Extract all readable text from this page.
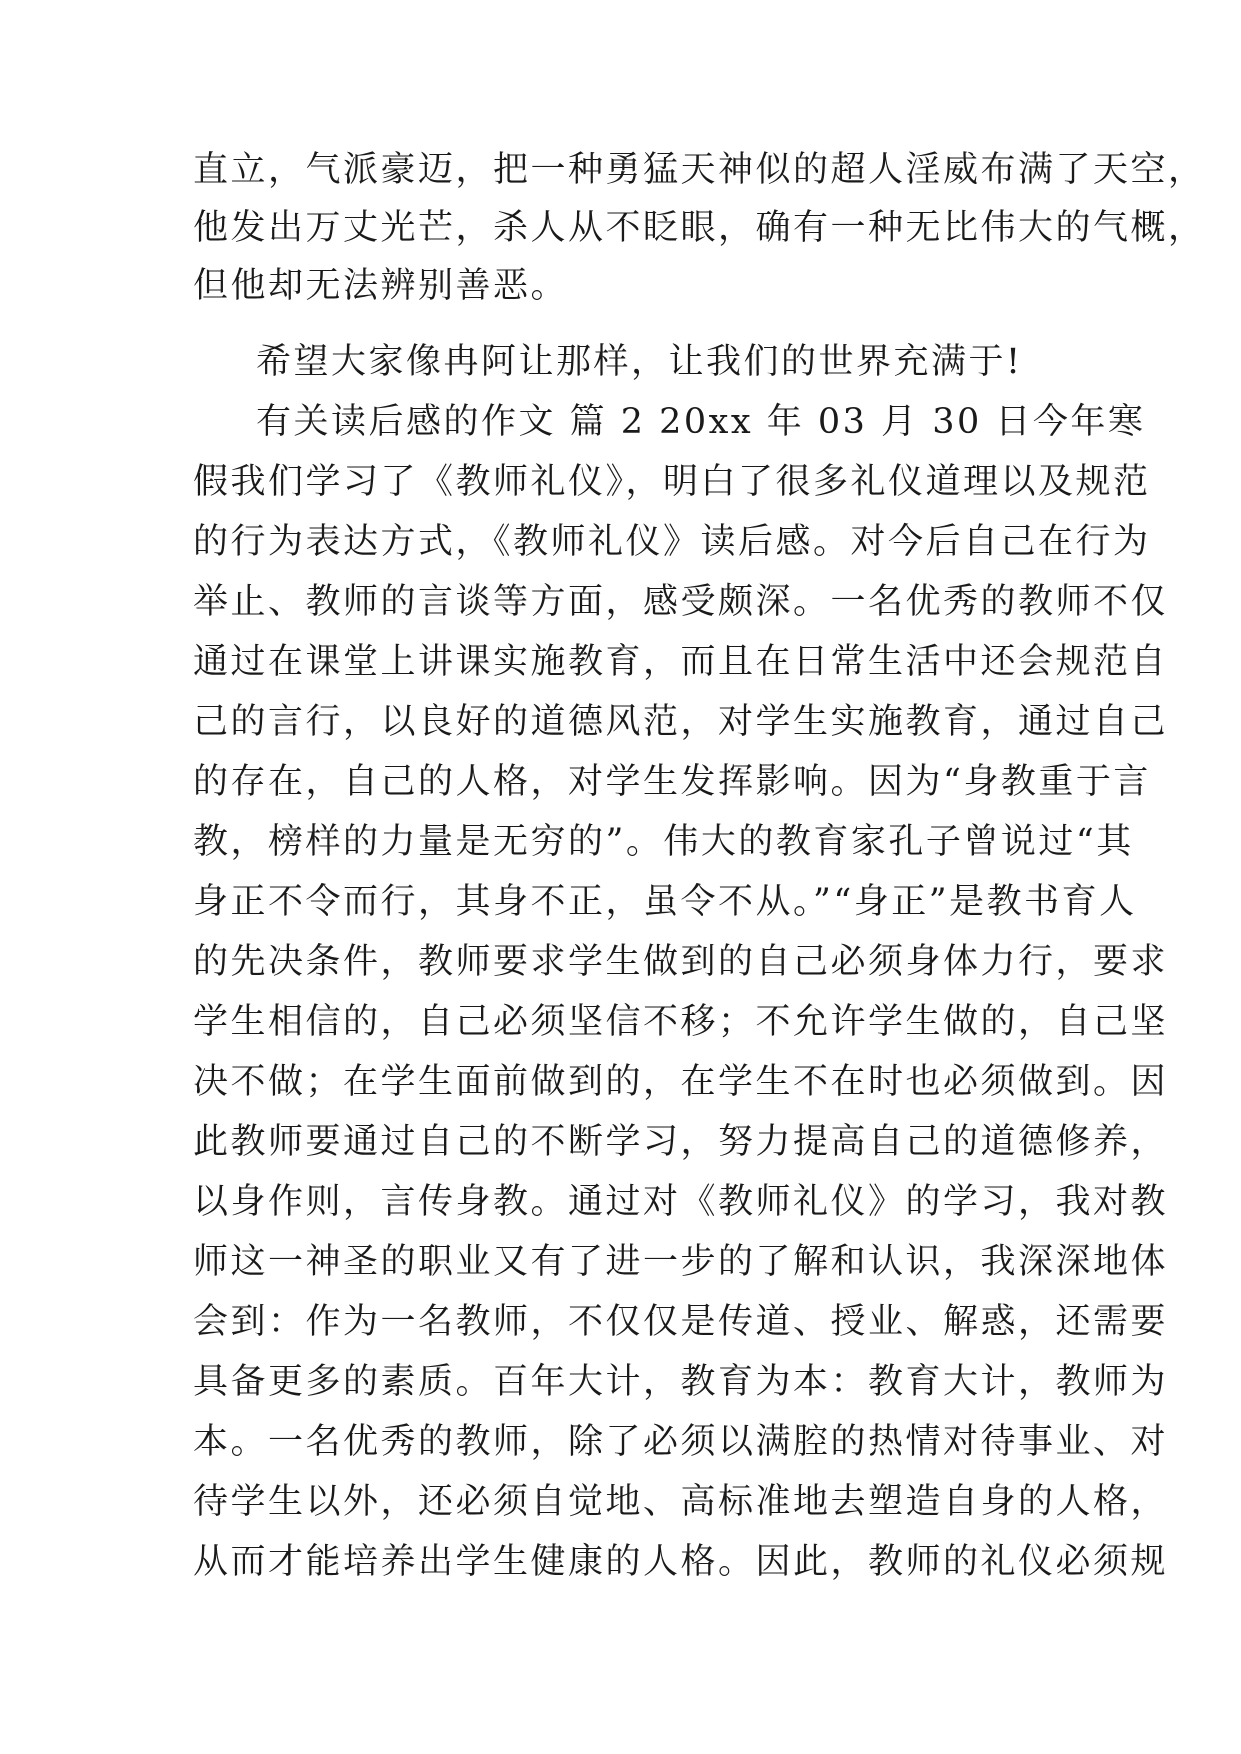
直立，气派豪迈，把一种勇猛天神似的超人淫威布满了天空，
他发出万丈光芒，杀人从不眨眼，确有一种无比伟大的气概，
但他却无法辨别善恶。
希望大家像冉阿让那样，让我们的世界充满于!
有关读后感的作文 篇 2 20xx 年 03 月 30 日今年寒
假我们学习了《教师礼仪》，明白了很多礼仪道理以及规范
的行为表达方式，《教师礼仪》读后感。对今后自己在行为
举止、教师的言谈等方面，感受颇深。一名优秀的教师不仅
通过在课堂上讲课实施教育，而且在日常生活中还会规范自
己的言行，以良好的道德风范，对学生实施教育，通过自己
的存在，自己的人格，对学生发挥影响。因为“身教重于言
教，榜样的力量是无穷的”。伟大的教育家孔子曾说过“其
身正不令而行，其身不正，虽令不从。”“身正”是教书育人
的先决条件，教师要求学生做到的自己必须身体力行，要求
学生相信的，自己必须坚信不移；不允许学生做的，自己坚
决不做；在学生面前做到的，在学生不在时也必须做到。因
此教师要通过自己的不断学习，努力提高自己的道德修养，
以身作则，言传身教。通过对《教师礼仪》的学习，我对教
师这一神圣的职业又有了进一步的了解和认识，我深深地体
会到：作为一名教师，不仅仅是传道、授业、解惑，还需要
具备更多的素质。百年大计，教育为本：教育大计，教师为
本。一名优秀的教师，除了必须以满腔的热情对待事业、对
待学生以外，还必须自觉地、高标准地去塑造自身的人格，
从而才能培养出学生健康的人格。因此，教师的礼仪必须规
